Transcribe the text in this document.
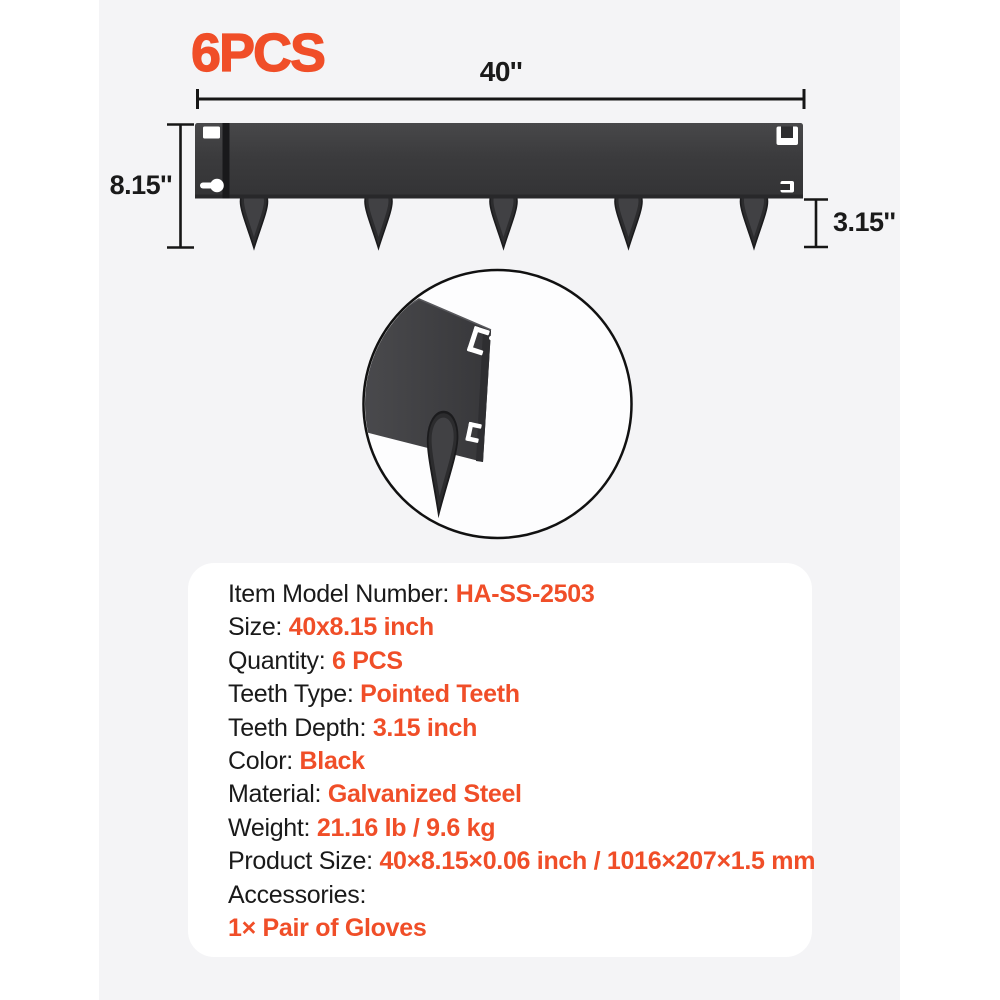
6PCS	40''
8.15''
3.15''
Item Model Number: HA-SS-2503
Size: 40x8.15 inch
Quantity: 6 PCS
Teeth Type: Pointed Teeth
Teeth Depth: 3.15 inch
Color: Black
Material: Galvanized Steel
Weight: 21.16 lb / 9.6 kg
Product Size: 40×8.15×0.06 inch / 1016×207×1.5 mm
Accessories:
1× Pair of Gloves
